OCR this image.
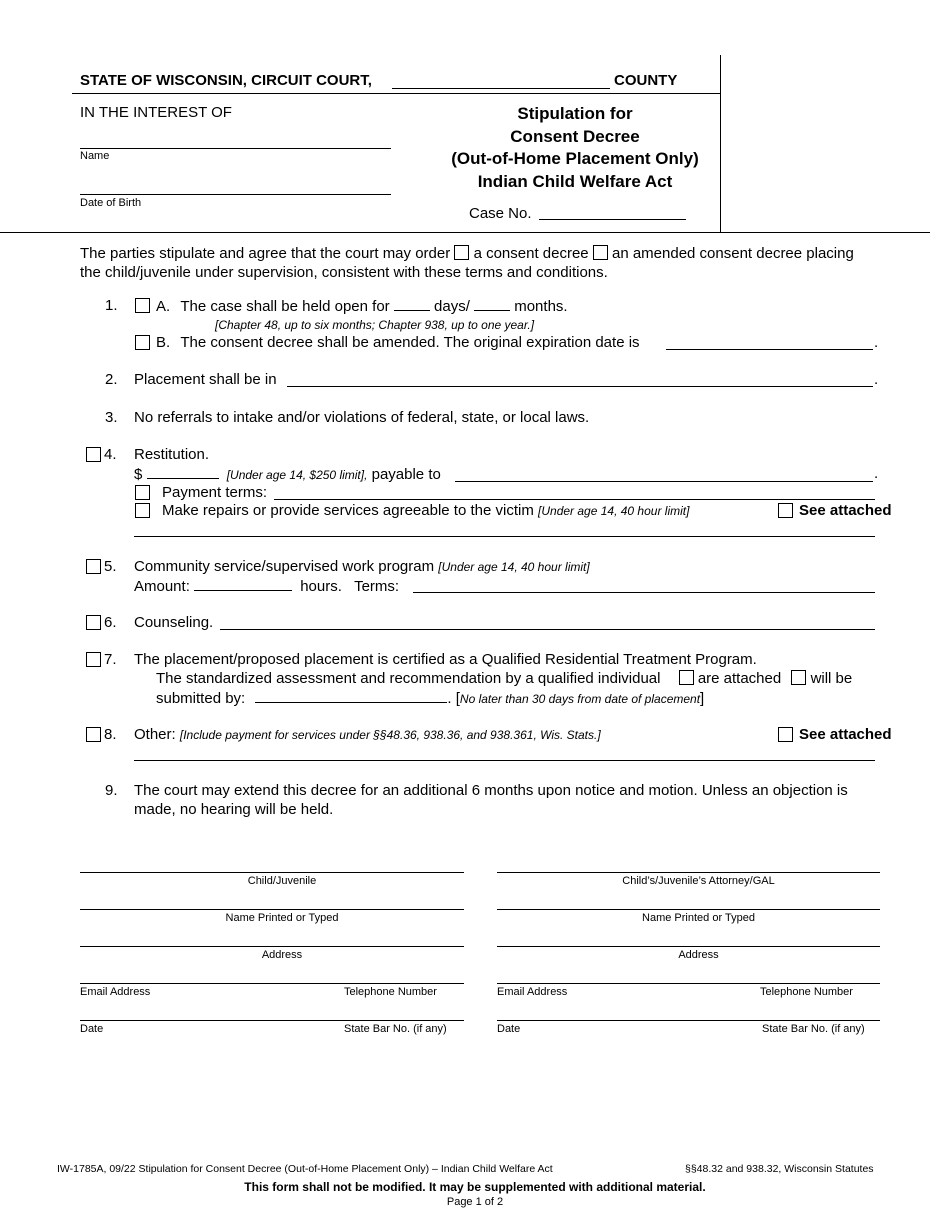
STATE OF WISCONSIN, CIRCUIT COURT,	COUNTY
IN THE INTEREST OF
Name
Date of Birth
Stipulation for
Consent Decree
(Out-of-Home Placement Only)
Indian Child Welfare Act
Case No.
The parties stipulate and agree that the court may order a consent decree an amended consent decree placing
the child/juvenile under supervision, consistent with these terms and conditions.
1.	A. The case shall be held open for	days/	months.
[Chapter 48, up to six months; Chapter 938, up to one year.]
B. The consent decree shall be amended. The original expiration date is	.
2. Placement shall be in	.
3. No referrals to intake and/or violations of federal, state, or local laws.
4. Restitution.
$	[Under age 14, $250 limit], payable to	.
Payment terms:
Make repairs or provide services agreeable to the victim [Under age 14, 40 hour limit]	See attached
5. Community service/supervised work program [Under age 14, 40 hour limit]
Amount:	hours. Terms:
6. Counseling.
7. The placement/proposed placement is certified as a Qualified Residential Treatment Program.
The standardized assessment and recommendation by a qualified individual are attached will be
submitted by:	. [No later than 30 days from date of placement]
8. Other: [Include payment for services under §§48.36, 938.36, and 938.361, Wis. Stats.]	See attached
9. The court may extend this decree for an additional 6 months upon notice and motion. Unless an objection is
made, no hearing will be held.
Child/Juvenile
Name Printed or Typed
Address
Email Address	Telephone Number
Date	State Bar No. (if any)
Child’s/Juvenile’s Attorney/GAL
Name Printed or Typed
Address
Email Address	Telephone Number
Date	State Bar No. (if any)
IW-1785A, 09/22 Stipulation for Consent Decree (Out-of-Home Placement Only) – Indian Child Welfare Act	§§48.32 and 938.32, Wisconsin Statutes
This form shall not be modified. It may be supplemented with additional material.
Page 1 of 2
